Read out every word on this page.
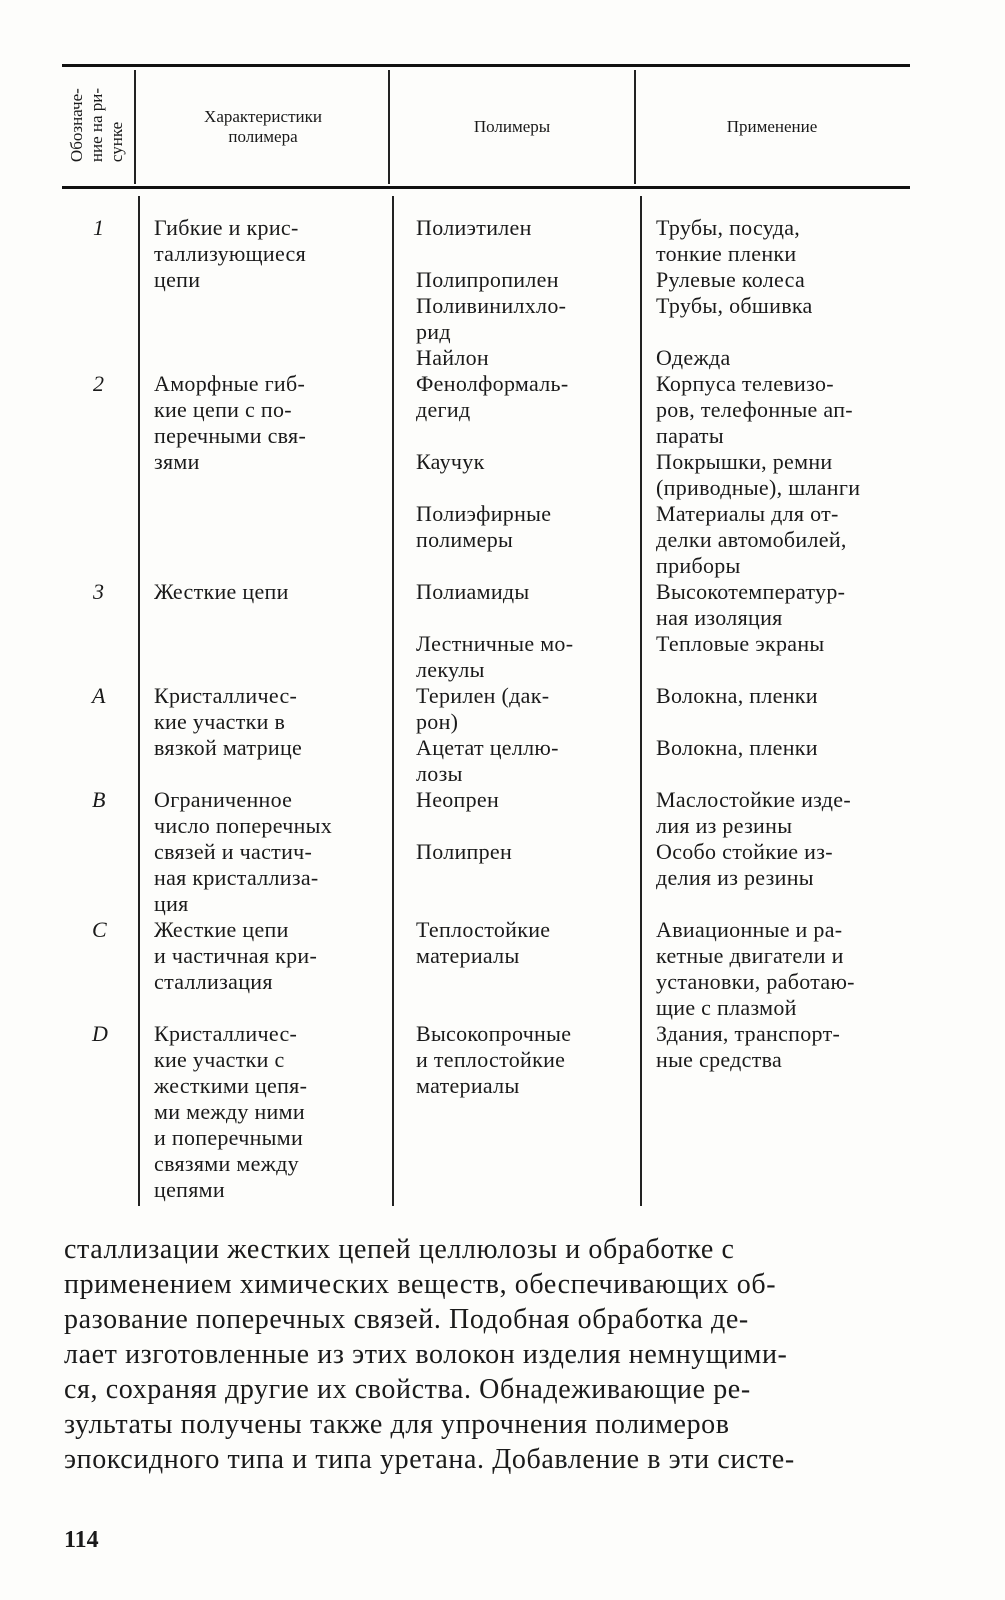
Обозначе-
ние на ри-
сунке
Характеристики
полимера
Полимеры	Применение
1
2
3
A
B
C
D
Гибкие и крис-
таллизующиеся
цепи
Аморфные гиб-
кие цепи с по-
перечными свя-
зями
Жесткие цепи
Кристалличес-
кие участки в
вязкой матрице
Ограниченное
число поперечных
связей и частич-
ная кристаллиза-
ция
Жесткие цепи
и частичная кри-
сталлизация
Кристалличес-
кие участки с
жесткими цепя-
ми между ними
и поперечными
связями между
цепями
Полиэтилен
Полипропилен
Поливинилхло-
рид
Найлон
Фенолформаль-
дегид
Каучук
Полиэфирные
полимеры
Полиамиды
Лестничные мо-
лекулы
Терилен (дак-
рон)
Ацетат целлю-
лозы
Неопрен
Полипрен
Теплостойкие
материалы
Высокопрочные
и теплостойкие
материалы
Трубы, посуда,
тонкие пленки
Рулевые колеса
Трубы, обшивка
Одежда
Корпуса телевизо-
ров, телефонные ап-
параты
Покрышки, ремни
(приводные), шланги
Материалы для от-
делки автомобилей,
приборы
Высокотемператур-
ная изоляция
Тепловые экраны
Волокна, пленки
Волокна, пленки
Маслостойкие изде-
лия из резины
Особо стойкие из-
делия из резины
Авиационные и ра-
кетные двигатели и
установки, работаю-
щие с плазмой
Здания, транспорт-
ные средства
сталлизации жестких цепей целлюлозы и обработке с
применением химических веществ, обеспечивающих об-
разование поперечных связей. Подобная обработка де-
лает изготовленные из этих волокон изделия немнущими-
ся, сохраняя другие их свойства. Обнадеживающие ре-
зультаты получены также для упрочнения полимеров
эпоксидного типа и типа уретана. Добавление в эти систе-
114
